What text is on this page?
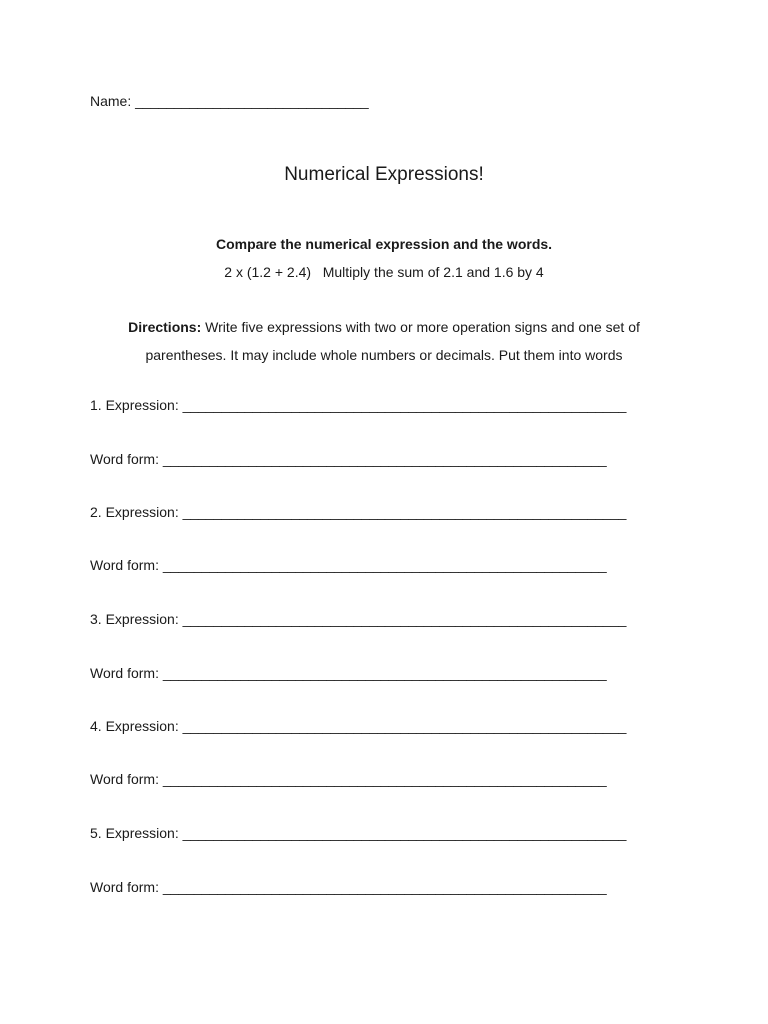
Name: ______________________________
Numerical Expressions!
Compare the numerical expression and the words.
2 x (1.2 + 2.4)   Multiply the sum of 2.1 and 1.6 by 4
Directions: Write five expressions with two or more operation signs and one set of parentheses. It may include whole numbers or decimals. Put them into words
1. Expression: _________________________________________________________
Word form: _________________________________________________________
2. Expression: _________________________________________________________
Word form: _________________________________________________________
3. Expression: _________________________________________________________
Word form: _________________________________________________________
4. Expression: _________________________________________________________
Word form: _________________________________________________________
5. Expression: _________________________________________________________
Word form: _________________________________________________________
